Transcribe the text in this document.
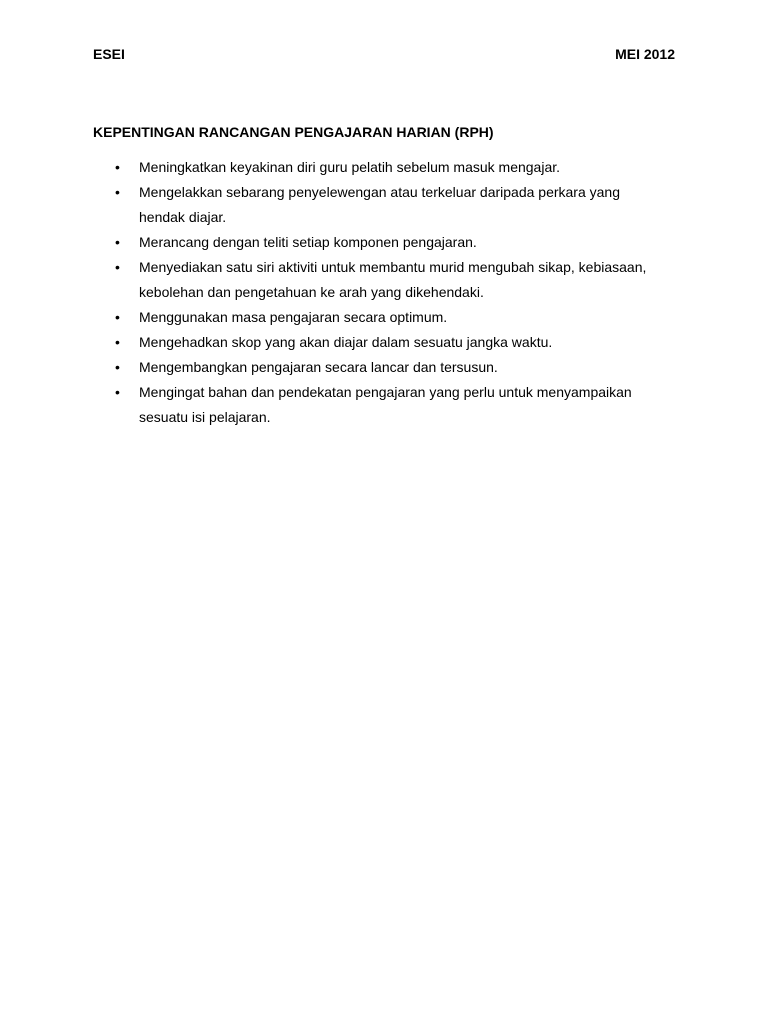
ESEI	MEI 2012
KEPENTINGAN RANCANGAN PENGAJARAN HARIAN (RPH)
• Meningkatkan keyakinan diri guru pelatih sebelum masuk mengajar.
• Mengelakkan sebarang penyelewengan atau terkeluar daripada perkara yang hendak diajar.
• Merancang dengan teliti setiap komponen pengajaran.
• Menyediakan satu siri aktiviti untuk membantu murid mengubah sikap, kebiasaan, kebolehan dan pengetahuan ke arah yang dikehendaki.
• Menggunakan masa pengajaran secara optimum.
• Mengehadkan skop yang akan diajar dalam sesuatu jangka waktu.
• Mengembangkan pengajaran secara lancar dan tersusun.
• Mengingat bahan dan pendekatan pengajaran yang perlu untuk menyampaikan sesuatu isi pelajaran.
